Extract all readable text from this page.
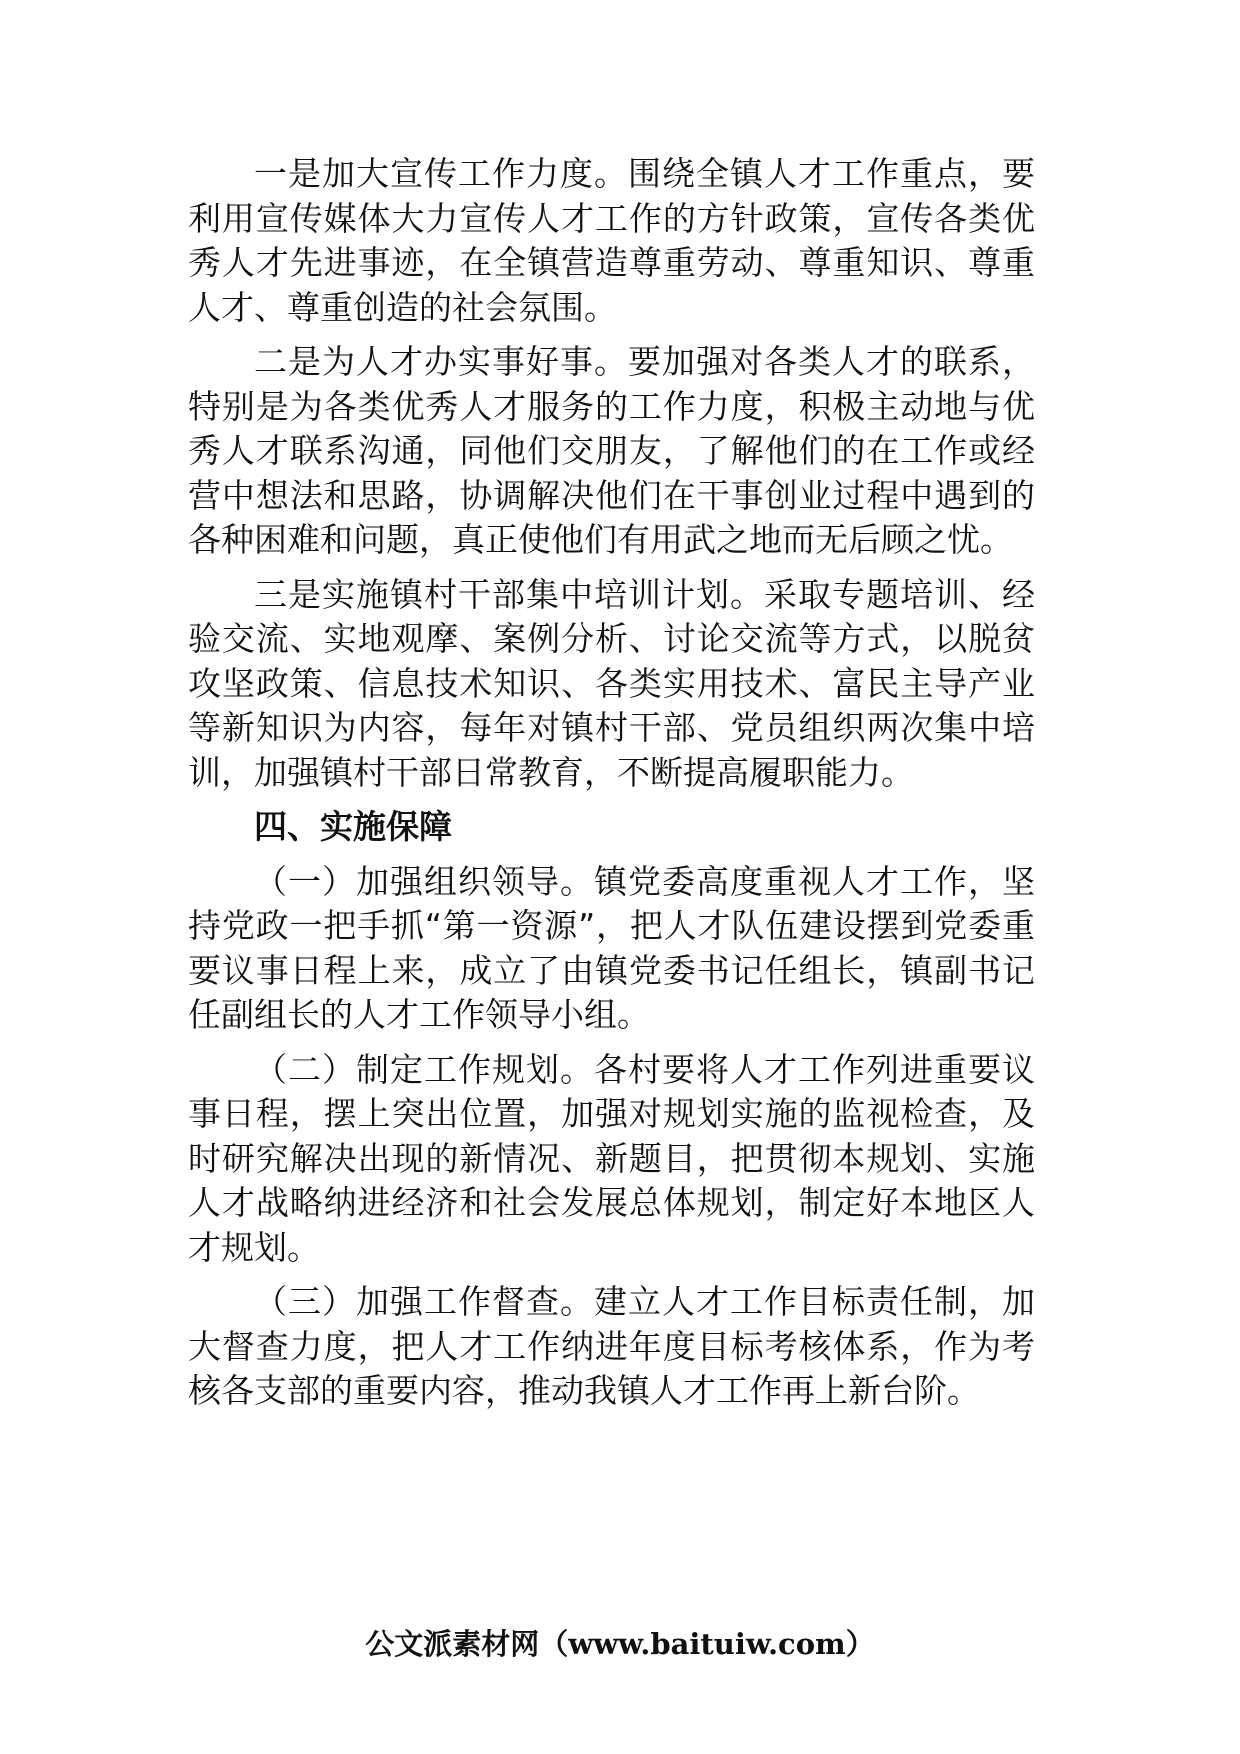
一是加大宣传工作力度。围绕全镇人才工作重点，要利用宣传媒体大力宣传人才工作的方针政策，宣传各类优秀人才先进事迹，在全镇营造尊重劳动、尊重知识、尊重人才、尊重创造的社会氛围。

二是为人才办实事好事。要加强对各类人才的联系，特别是为各类优秀人才服务的工作力度，积极主动地与优秀人才联系沟通，同他们交朋友，了解他们的在工作或经营中想法和思路，协调解决他们在干事创业过程中遇到的各种困难和问题，真正使他们有用武之地而无后顾之忧。

三是实施镇村干部集中培训计划。采取专题培训、经验交流、实地观摩、案例分析、讨论交流等方式，以脱贫攻坚政策、信息技术知识、各类实用技术、富民主导产业等新知识为内容，每年对镇村干部、党员组织两次集中培训，加强镇村干部日常教育，不断提高履职能力。

四、实施保障

（一）加强组织领导。镇党委高度重视人才工作，坚持党政一把手抓“第一资源”，把人才队伍建设摆到党委重要议事日程上来，成立了由镇党委书记任组长，镇副书记任副组长的人才工作领导小组。

（二）制定工作规划。各村要将人才工作列进重要议事日程，摆上突出位置，加强对规划实施的监视检查，及时研究解决出现的新情况、新题目，把贯彻本规划、实施人才战略纳进经济和社会发展总体规划，制定好本地区人才规划。

（三）加强工作督查。建立人才工作目标责任制，加大督查力度，把人才工作纳进年度目标考核体系，作为考核各支部的重要内容，推动我镇人才工作再上新台阶。

公文派素材网（www.baituiw.com）
